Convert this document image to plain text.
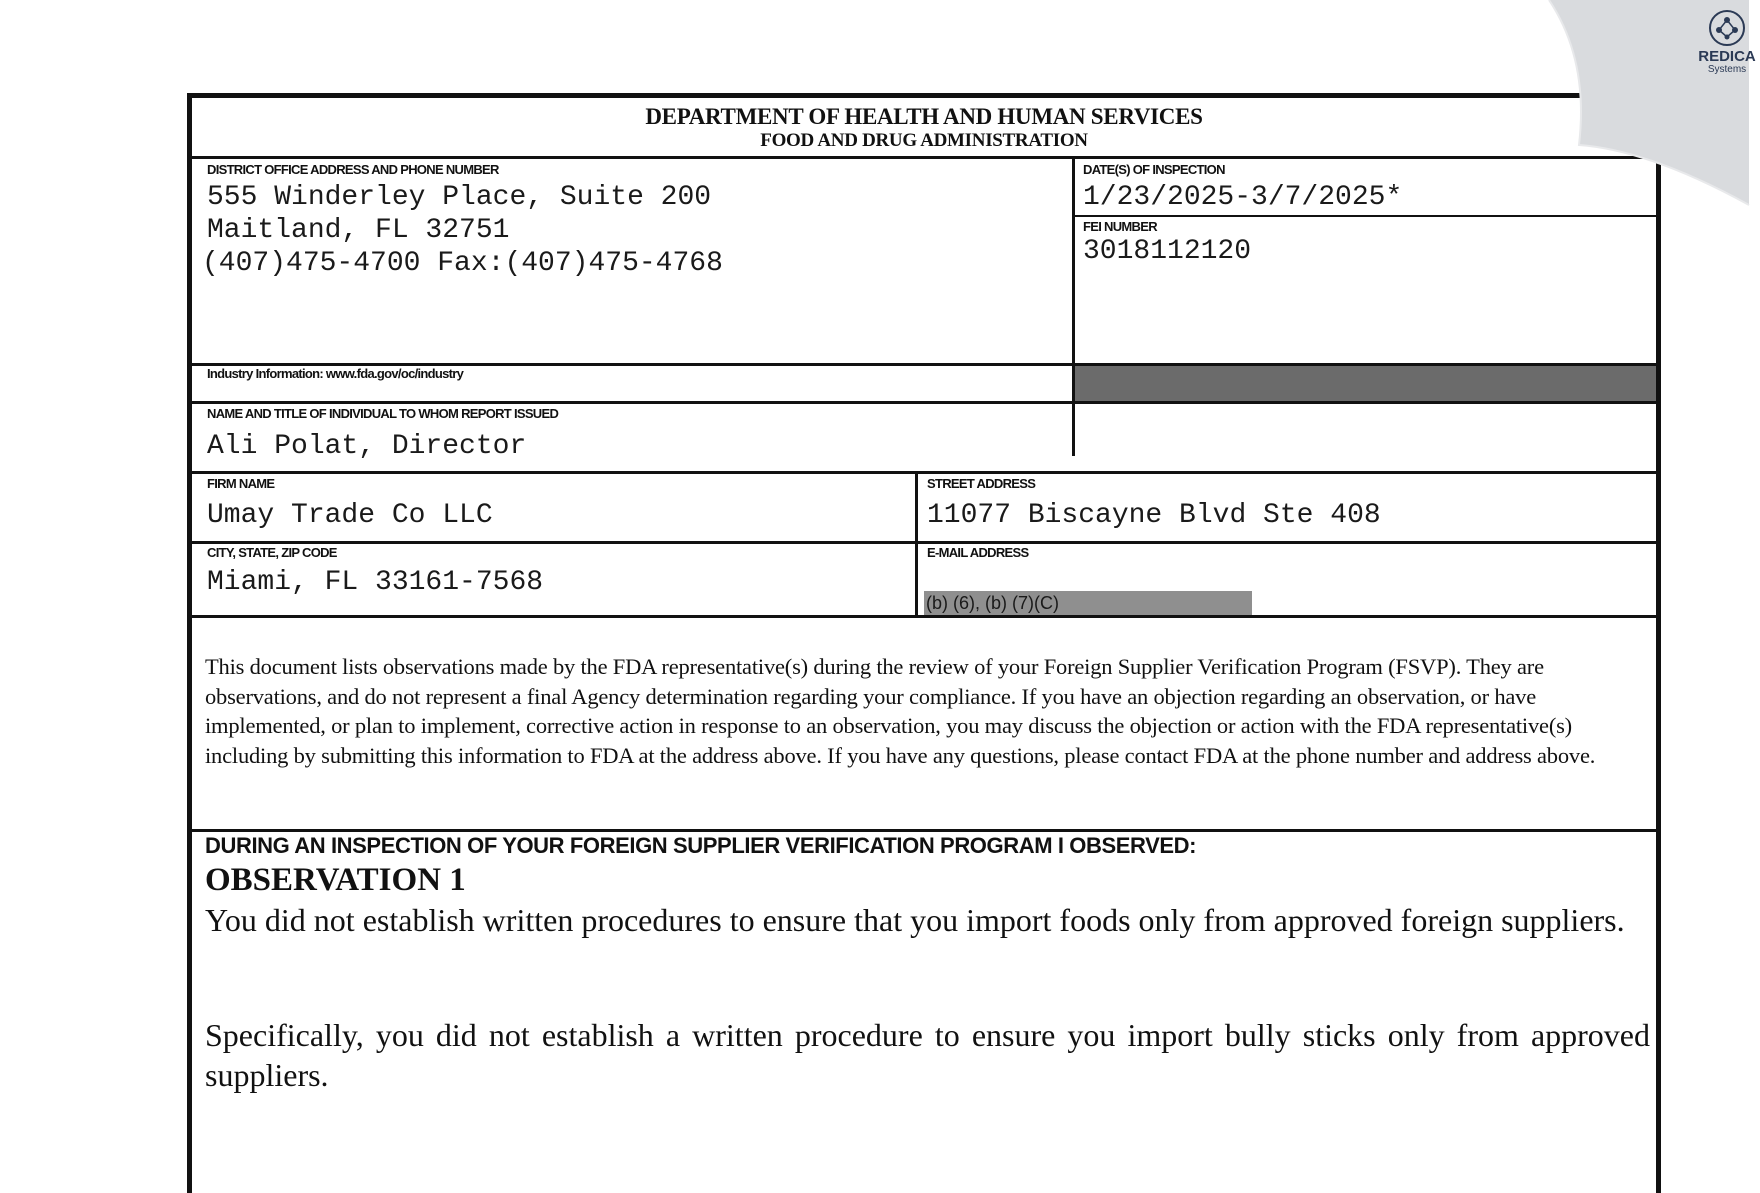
DEPARTMENT OF HEALTH AND HUMAN SERVICES
FOOD AND DRUG ADMINISTRATION
DISTRICT OFFICE ADDRESS AND PHONE NUMBER
555 Winderley Place, Suite 200
Maitland, FL 32751
(407)475-4700 Fax:(407)475-4768
DATE(S) OF INSPECTION
1/23/2025-3/7/2025*
FEI NUMBER
3018112120
Industry Information: www.fda.gov/oc/industry
NAME AND TITLE OF INDIVIDUAL TO WHOM REPORT ISSUED
Ali Polat, Director
FIRM NAME
Umay Trade Co LLC
STREET ADDRESS
11077 Biscayne Blvd Ste 408
CITY, STATE, ZIP CODE
Miami, FL 33161-7568
E-MAIL ADDRESS
(b) (6), (b) (7)(C)
This document lists observations made by the FDA representative(s) during the review of your Foreign Supplier Verification Program (FSVP). They are observations, and do not represent a final Agency determination regarding your compliance. If you have an objection regarding an observation, or have implemented, or plan to implement, corrective action in response to an observation, you may discuss the objection or action with the FDA representative(s) including by submitting this information to FDA at the address above. If you have any questions, please contact FDA at the phone number and address above.
DURING AN INSPECTION OF YOUR FOREIGN SUPPLIER VERIFICATION PROGRAM I OBSERVED:
OBSERVATION 1
You did not establish written procedures to ensure that you import foods only from approved foreign suppliers.
Specifically, you did not establish a written procedure to ensure you import bully sticks only from approved suppliers.
REDICA
Systems
